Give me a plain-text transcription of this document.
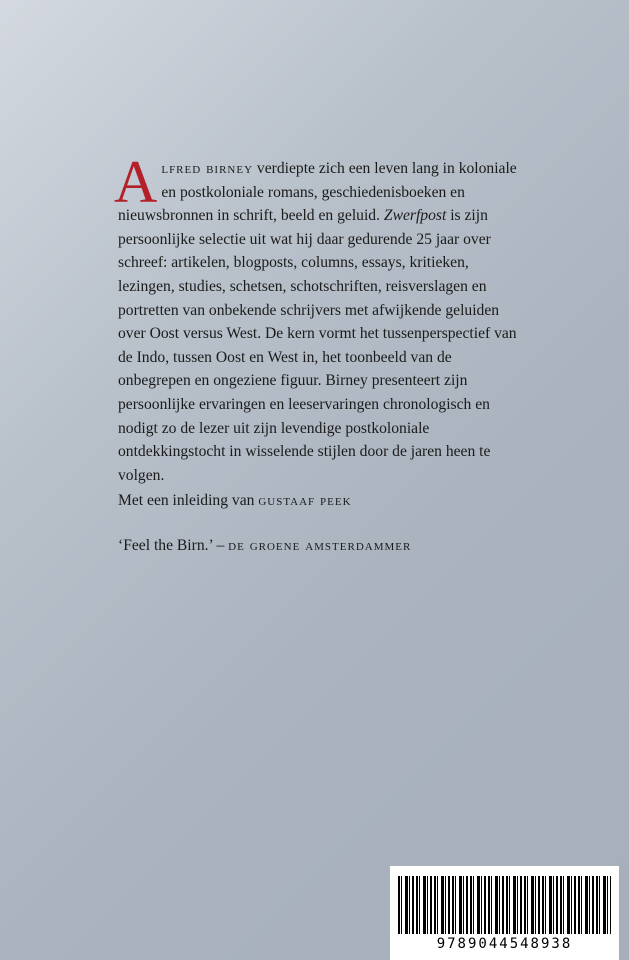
Alfred birney verdiepte zich een leven lang in koloniale en postkoloniale romans, geschiedenisboeken en nieuwsbronnen in schrift, beeld en geluid. Zwerfpost is zijn persoonlijke selectie uit wat hij daar gedurende 25 jaar over schreef: artikelen, blogposts, columns, essays, kritieken, lezingen, studies, schetsen, schotschriften, reisverslagen en portretten van onbekende schrijvers met afwijkende geluiden over Oost versus West. De kern vormt het tussenperspectief van de Indo, tussen Oost en West in, het toonbeeld van de onbegrepen en ongeziene figuur. Birney presenteert zijn persoonlijke ervaringen en leeservaringen chronologisch en nodigt zo de lezer uit zijn levendige postkoloniale ontdekkingstocht in wisselende stijlen door de jaren heen te volgen.

Met een inleiding van gustaaf peek
‘Feel the Birn.’ – de groene amsterdammer
9789044548938
